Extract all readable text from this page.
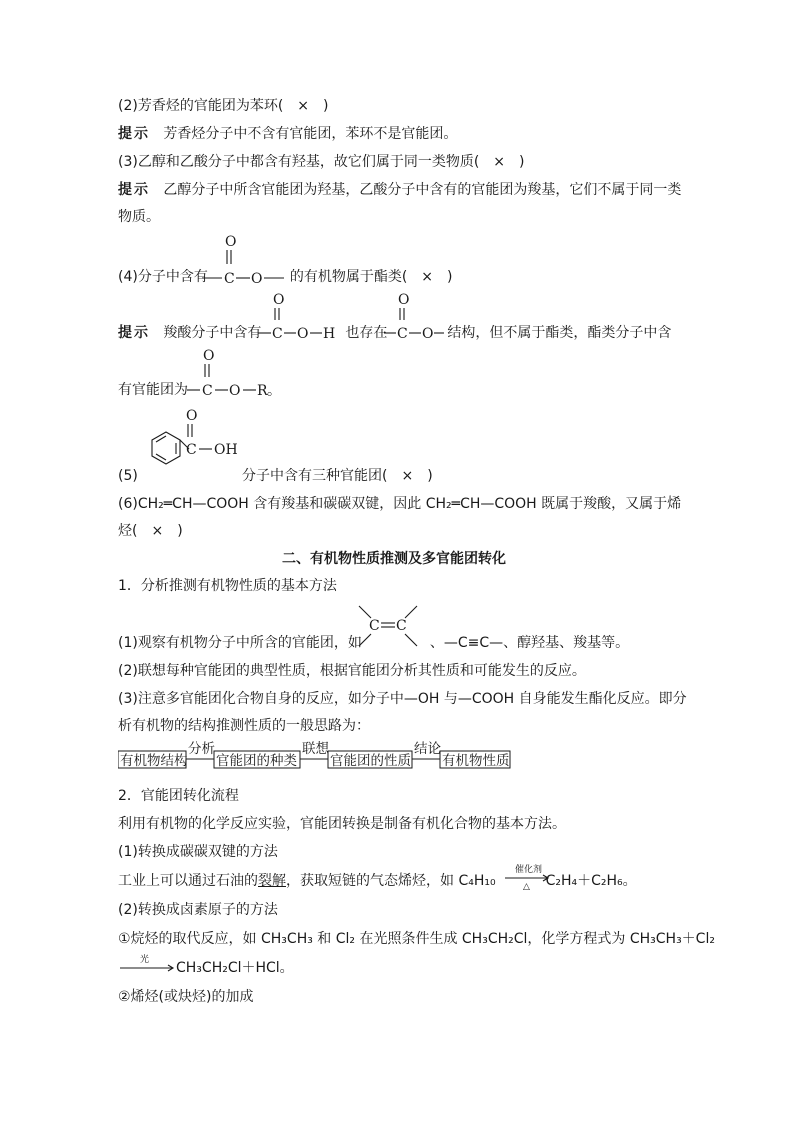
(2)芳香烃的官能团为苯环(　×　)
提示 芳香烃分子中不含有官能团，苯环不是官能团。
(3)乙醇和乙酸分子中都含有羟基，故它们属于同一类物质(　×　)
提示 乙醇分子中所含官能团为羟基，乙酸分子中含有的官能团为羧基，它们不属于同一类
物质。
(4)分子中含有	的有机物属于酯类(　×　)
O
C O
提示 羧酸分子中含有	也存在	结构，但不属于酯类，酯类分子中含
O
C O H
O
C O
有官能团为
O
C O R 。
(5)	分子中含有三种官能团(　×　)
O
C OH
(6)CH₂═CH—COOH 含有羧基和碳碳双键，因此 CH₂═CH—COOH 既属于羧酸，又属于烯
烃(　×　)
二、有机物性质推测及多官能团转化
1．分析推测有机物性质的基本方法
(1)观察有机物分子中所含的官能团，如	、—C≡C—、醇羟基、羧基等。
C C
(2)联想每种官能团的典型性质，根据官能团分析其性质和可能发生的反应。
(3)注意多官能团化合物自身的反应，如分子中—OH 与—COOH 自身能发生酯化反应。即分
析有机物的结构推测性质的一般思路为：
有机物结构
分析
官能团的种类
联想
官能团的性质
结论
有机物性质
2．官能团转化流程
利用有机物的化学反应实验，官能团转换是制备有机化合物的基本方法。
(1)转换成碳碳双键的方法
工业上可以通过石油的裂解，获取短链的气态烯烃，如 C₄H₁₀	C₂H₄＋C₂H₆。
催化剂
△
(2)转换成卤素原子的方法
①烷烃的取代反应，如 CH₃CH₃ 和 Cl₂ 在光照条件生成 CH₃CH₂Cl，化学方程式为 CH₃CH₃＋Cl₂
光 CH₃CH₂Cl＋HCl。
②烯烃(或炔烃)的加成
